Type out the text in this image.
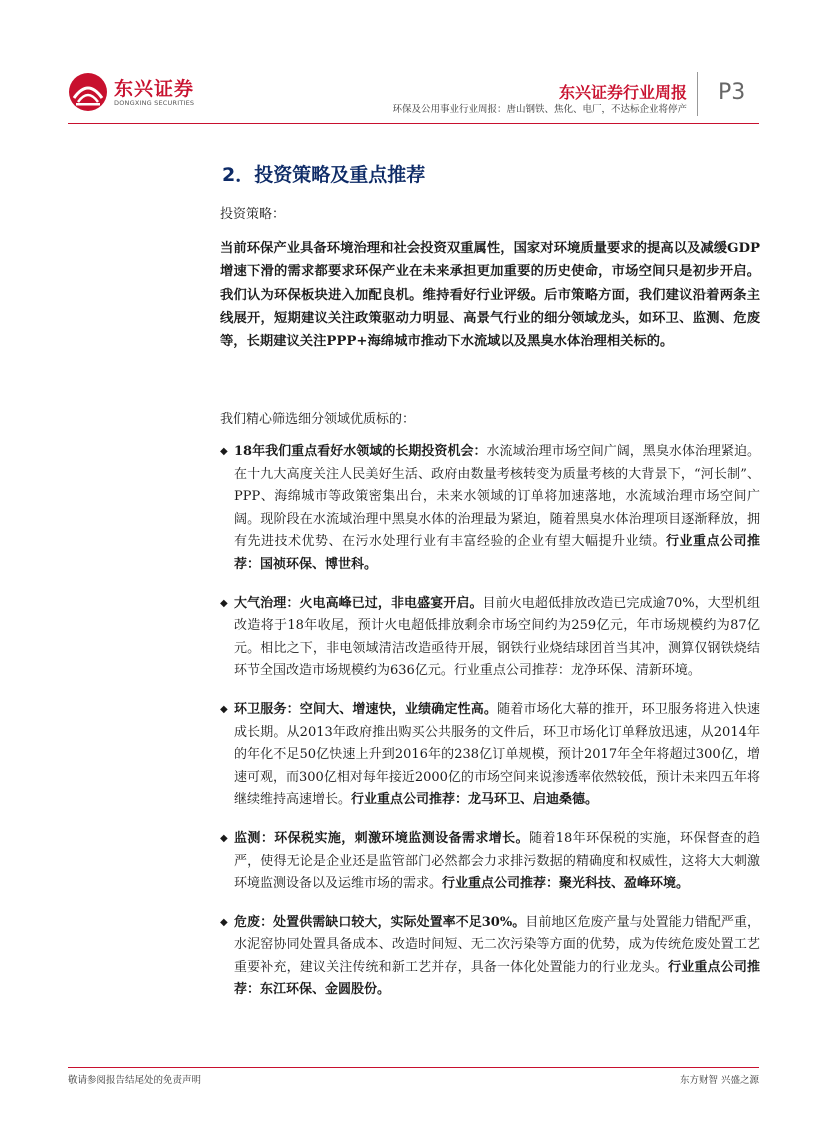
东兴证券
DONGXING SECURITIES
东兴证券行业周报
环保及公用事业行业周报：唐山钢铁、焦化、电厂，不达标企业将停产
P3
2．投资策略及重点推荐
投资策略：
当前环保产业具备环境治理和社会投资双重属性，国家对环境质量要求的提高以及减缓GDP增速下滑的需求都要求环保产业在未来承担更加重要的历史使命，市场空间只是初步开启。我们认为环保板块进入加配良机。维持看好行业评级。后市策略方面，我们建议沿着两条主线展开，短期建议关注政策驱动力明显、高景气行业的细分领域龙头，如环卫、监测、危废等，长期建议关注PPP+海绵城市推动下水流域以及黑臭水体治理相关标的。
我们精心筛选细分领域优质标的：
◆ 18年我们重点看好水领域的长期投资机会：水流域治理市场空间广阔，黑臭水体治理紧迫。在十九大高度关注人民美好生活、政府由数量考核转变为质量考核的大背景下，“河长制”、PPP、海绵城市等政策密集出台，未来水领域的订单将加速落地，水流域治理市场空间广阔。现阶段在水流域治理中黑臭水体的治理最为紧迫，随着黑臭水体治理项目逐渐释放，拥有先进技术优势、在污水处理行业有丰富经验的企业有望大幅提升业绩。行业重点公司推荐：国祯环保、博世科。
◆ 大气治理：火电高峰已过，非电盛宴开启。目前火电超低排放改造已完成逾70%，大型机组改造将于18年收尾，预计火电超低排放剩余市场空间约为259亿元，年市场规模约为87亿元。相比之下，非电领域清洁改造亟待开展，钢铁行业烧结球团首当其冲，测算仅钢铁烧结环节全国改造市场规模约为636亿元。行业重点公司推荐：龙净环保、清新环境。
◆ 环卫服务：空间大、增速快，业绩确定性高。随着市场化大幕的推开，环卫服务将进入快速成长期。从2013年政府推出购买公共服务的文件后，环卫市场化订单释放迅速，从2014年的年化不足50亿快速上升到2016年的238亿订单规模，预计2017年全年将超过300亿，增速可观，而300亿相对每年接近2000亿的市场空间来说渗透率依然较低，预计未来四五年将继续维持高速增长。行业重点公司推荐：龙马环卫、启迪桑德。
◆ 监测：环保税实施，刺激环境监测设备需求增长。随着18年环保税的实施，环保督查的趋严，使得无论是企业还是监管部门必然都会力求排污数据的精确度和权威性，这将大大刺激环境监测设备以及运维市场的需求。行业重点公司推荐：聚光科技、盈峰环境。
◆ 危废：处置供需缺口较大，实际处置率不足30%。目前地区危废产量与处置能力错配严重，水泥窑协同处置具备成本、改造时间短、无二次污染等方面的优势，成为传统危废处置工艺重要补充，建议关注传统和新工艺并存，具备一体化处置能力的行业龙头。行业重点公司推荐：东江环保、金圆股份。
敬请参阅报告结尾处的免责声明	东方财智 兴盛之源
